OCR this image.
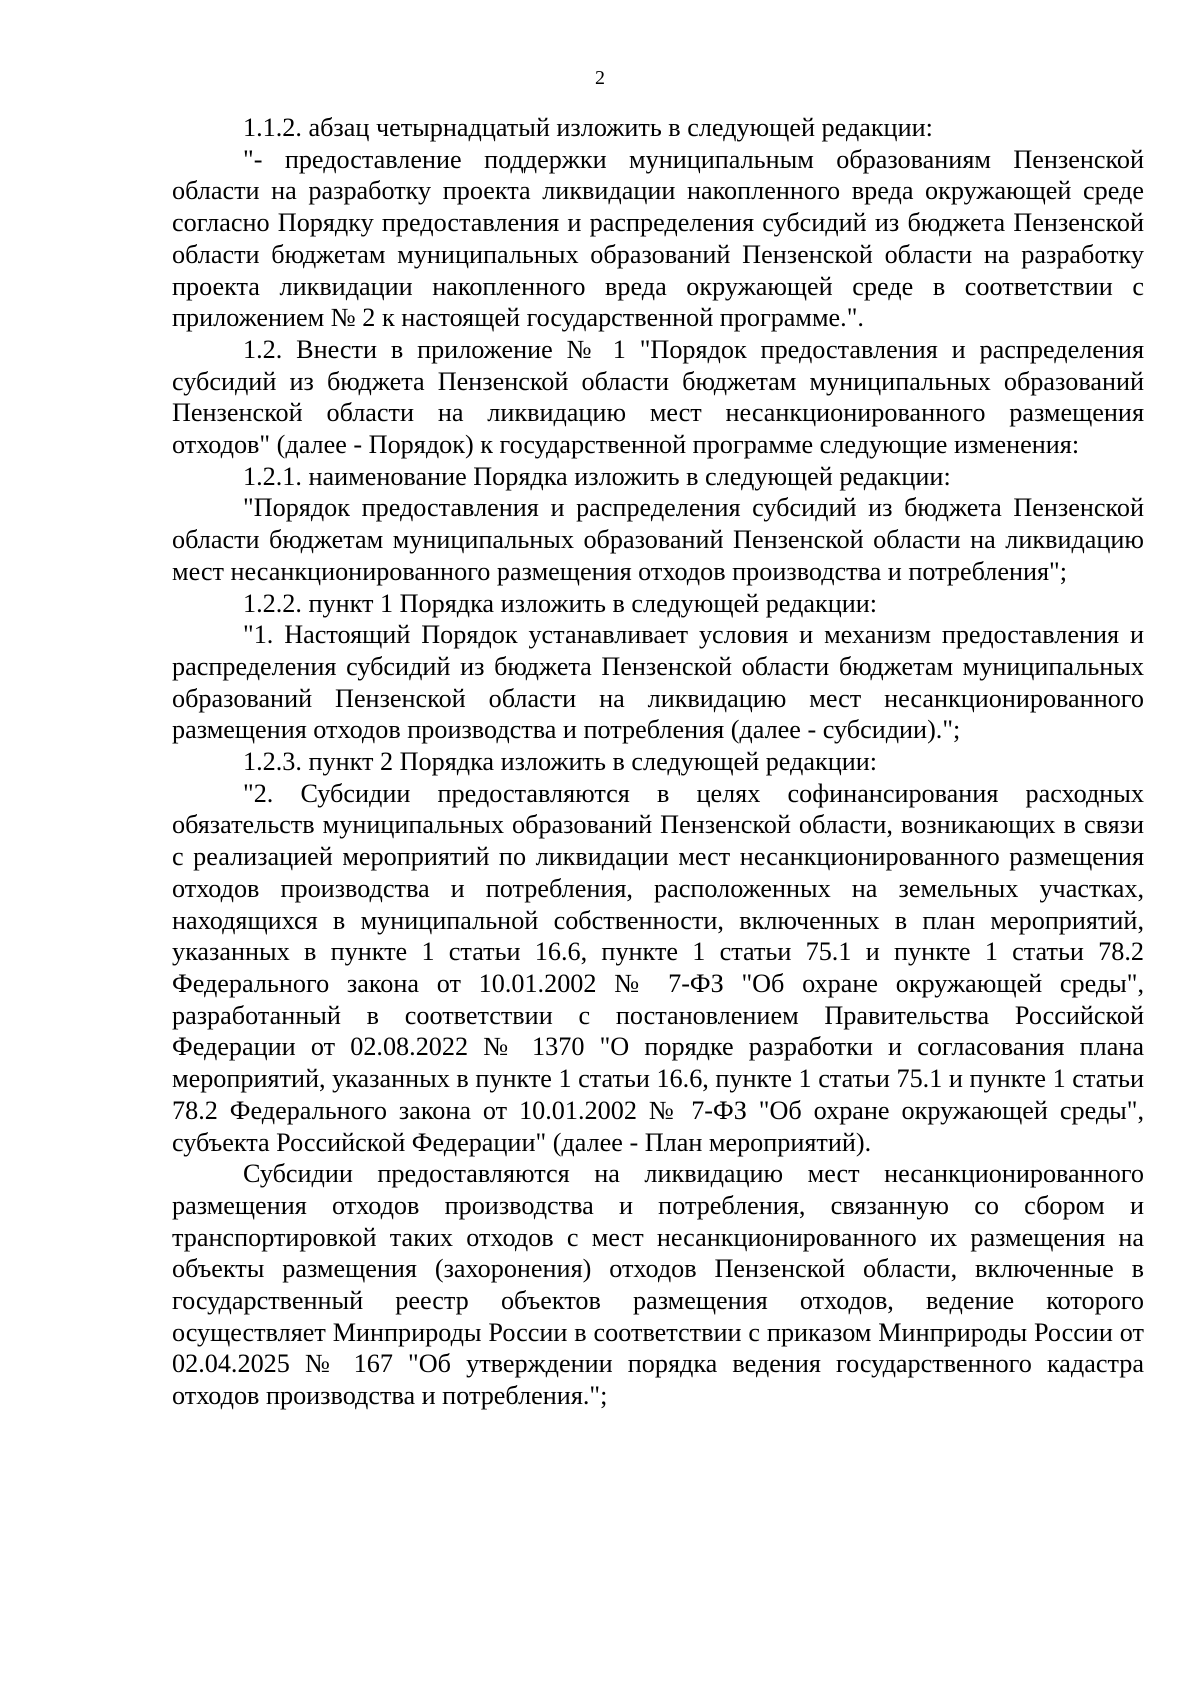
2

1.1.2. абзац четырнадцатый изложить в следующей редакции:

"- предоставление поддержки муниципальным образованиям Пензенской области на разработку проекта ликвидации накопленного вреда окружающей среде согласно Порядку предоставления и распределения субсидий из бюджета Пензенской области бюджетам муниципальных образований Пензенской области на разработку проекта ликвидации накопленного вреда окружающей среде в соответствии с приложением № 2 к настоящей государственной программе.".

1.2. Внести в приложение № 1 "Порядок предоставления и распределения субсидий из бюджета Пензенской области бюджетам муниципальных образований Пензенской области на ликвидацию мест несанкционированного размещения отходов" (далее - Порядок) к государственной программе следующие изменения:

1.2.1. наименование Порядка изложить в следующей редакции:

"Порядок предоставления и распределения субсидий из бюджета Пензенской области бюджетам муниципальных образований Пензенской области на ликвидацию мест несанкционированного размещения отходов производства и потребления";

1.2.2. пункт 1 Порядка изложить в следующей редакции:

"1. Настоящий Порядок устанавливает условия и механизм предоставления и распределения субсидий из бюджета Пензенской области бюджетам муниципальных образований Пензенской области на ликвидацию мест несанкционированного размещения отходов производства и потребления (далее - субсидии).";

1.2.3. пункт 2 Порядка изложить в следующей редакции:

"2. Субсидии предоставляются в целях софинансирования расходных обязательств муниципальных образований Пензенской области, возникающих в связи с реализацией мероприятий по ликвидации мест несанкционированного размещения отходов производства и потребления, расположенных на земельных участках, находящихся в муниципальной собственности, включенных в план мероприятий, указанных в пункте 1 статьи 16.6, пункте 1 статьи 75.1 и пункте 1 статьи 78.2 Федерального закона от 10.01.2002 № 7-ФЗ "Об охране окружающей среды", разработанный в соответствии с постановлением Правительства Российской Федерации от 02.08.2022 № 1370 "О порядке разработки и согласования плана мероприятий, указанных в пункте 1 статьи 16.6, пункте 1 статьи 75.1 и пункте 1 статьи 78.2 Федерального закона от 10.01.2002 № 7-ФЗ "Об охране окружающей среды", субъекта Российской Федерации" (далее - План мероприятий).

Субсидии предоставляются на ликвидацию мест несанкционированного размещения отходов производства и потребления, связанную со сбором и транспортировкой таких отходов с мест несанкционированного их размещения на объекты размещения (захоронения) отходов Пензенской области, включенные в государственный реестр объектов размещения отходов, ведение которого осуществляет Минприроды России в соответствии с приказом Минприроды России от 02.04.2025 № 167 "Об утверждении порядка ведения государственного кадастра отходов производства и потребления.";
